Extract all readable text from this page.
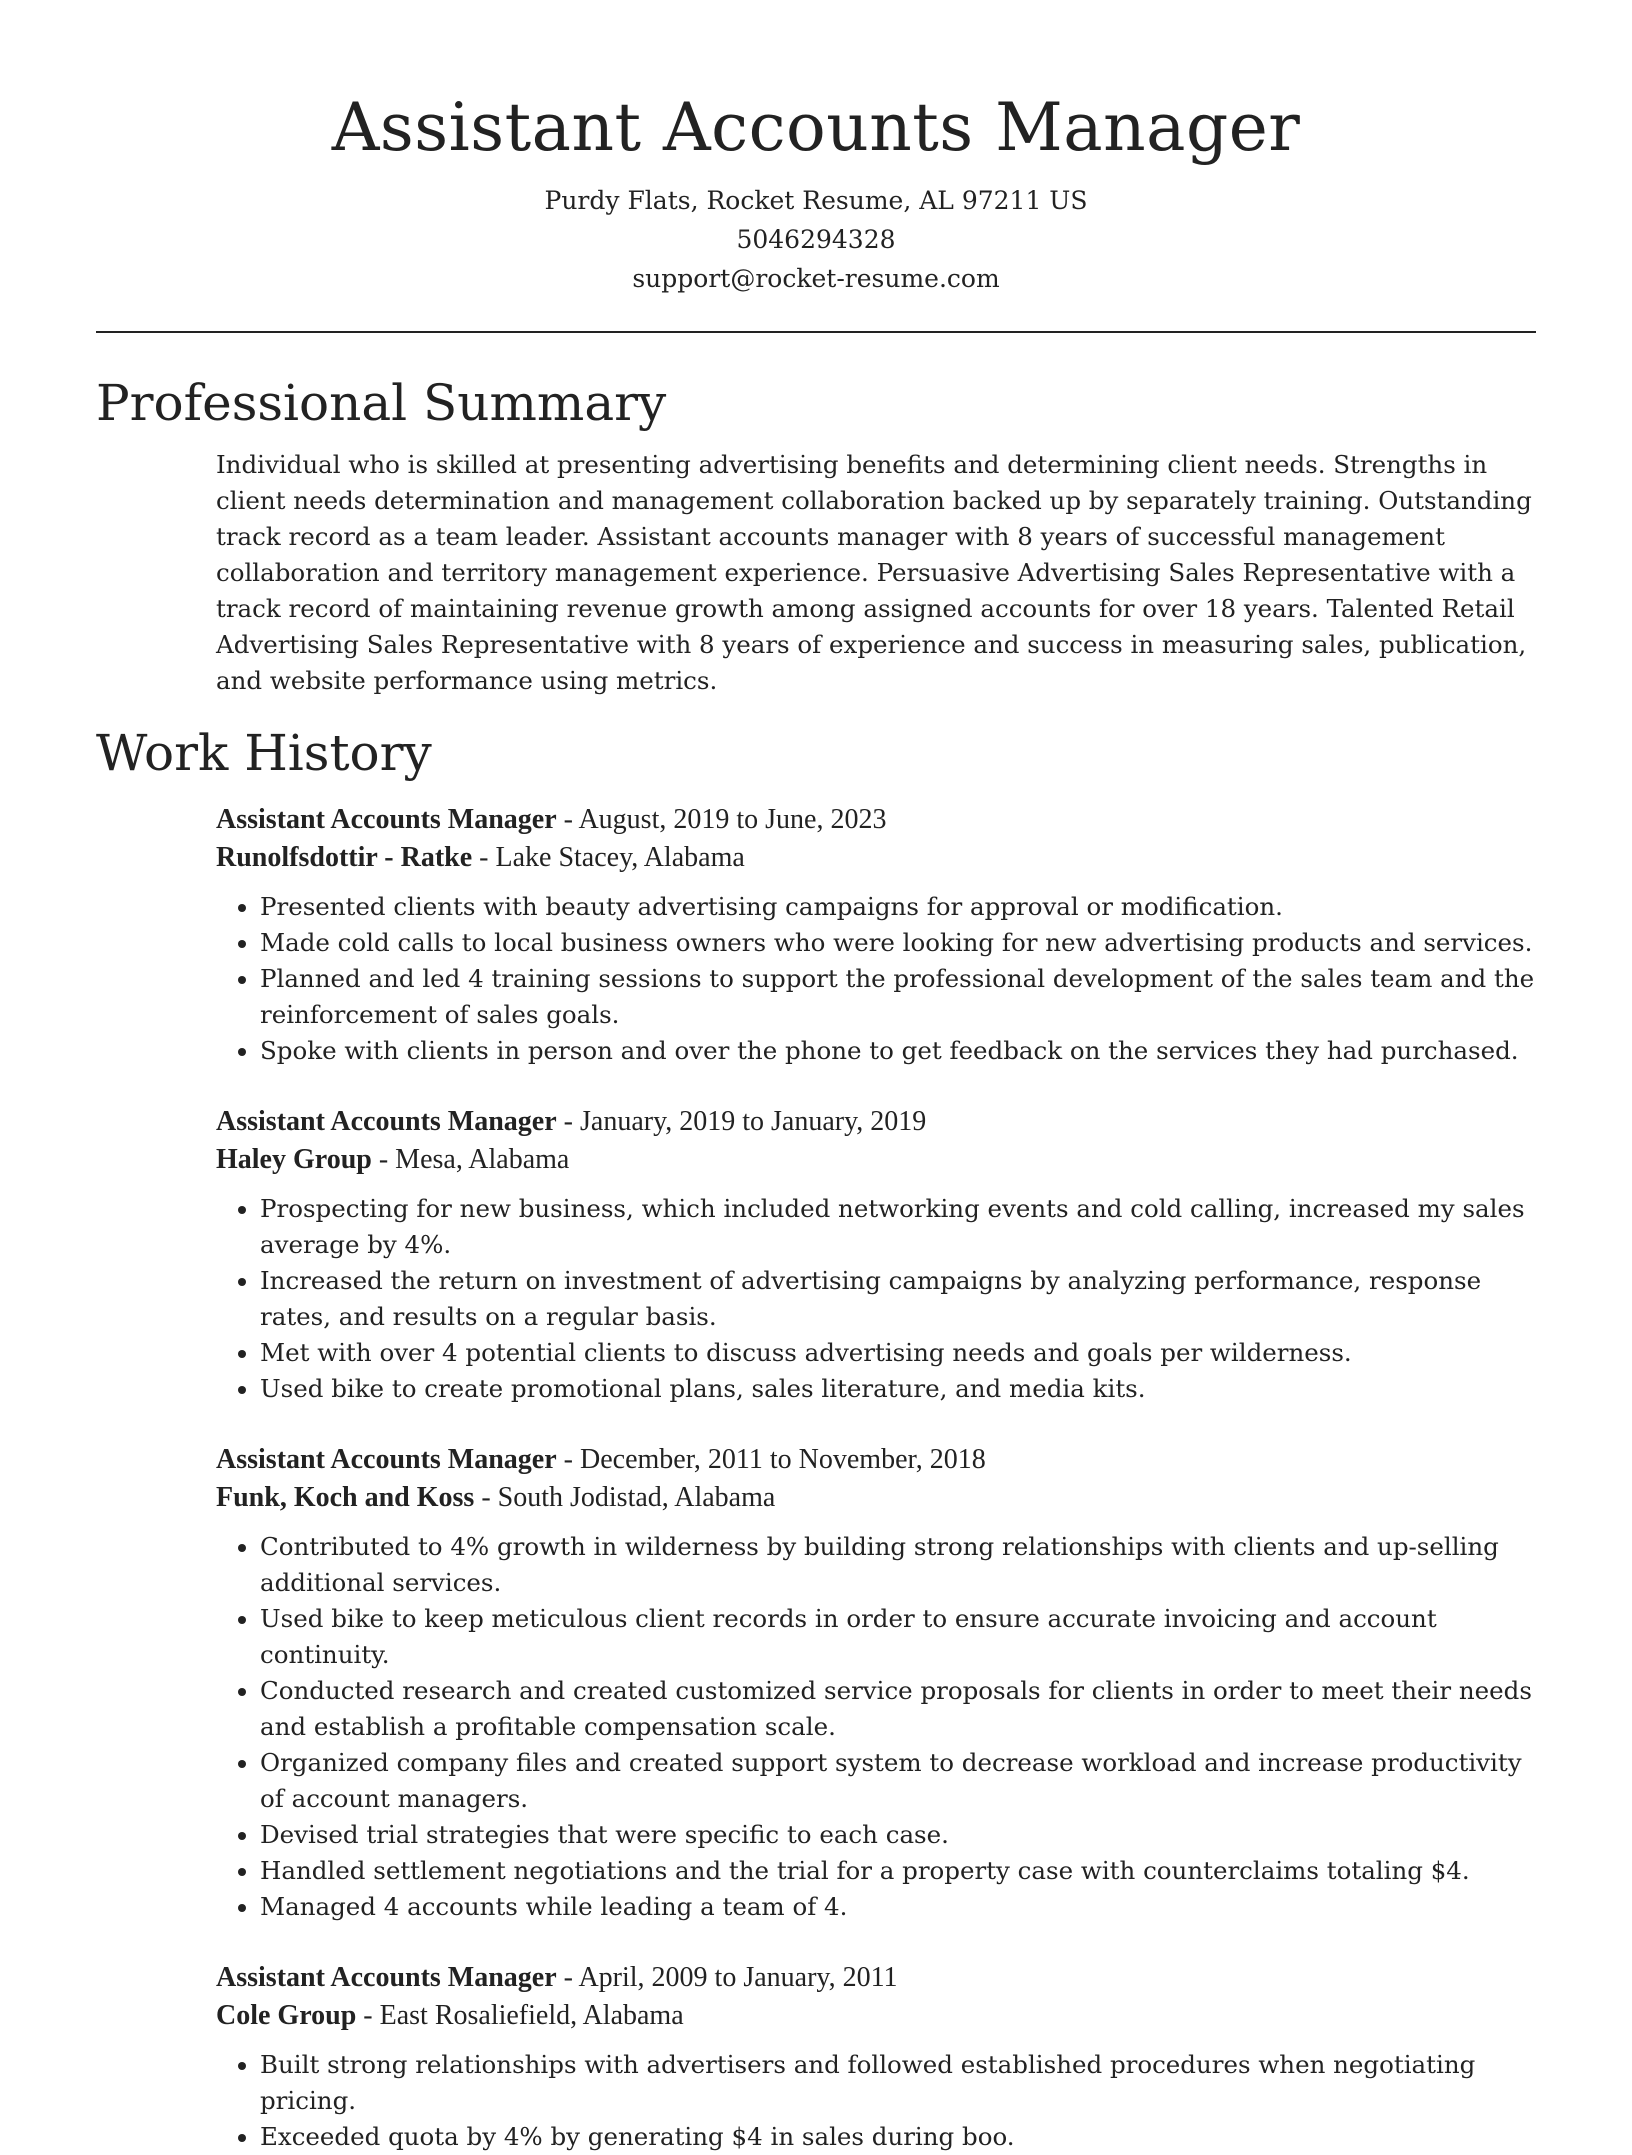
Assistant Accounts Manager
Purdy Flats, Rocket Resume, AL 97211 US
5046294328
support@rocket-resume.com
Professional Summary
Individual who is skilled at presenting advertising benefits and determining client needs. Strengths in client needs determination and management collaboration backed up by separately training. Outstanding track record as a team leader. Assistant accounts manager with 8 years of successful management collaboration and territory management experience. Persuasive Advertising Sales Representative with a track record of maintaining revenue growth among assigned accounts for over 18 years. Talented Retail Advertising Sales Representative with 8 years of experience and success in measuring sales, publication, and website performance using metrics.
Work History
Assistant Accounts Manager - August, 2019 to June, 2023
Runolfsdottir - Ratke - Lake Stacey, Alabama
• Presented clients with beauty advertising campaigns for approval or modification.
• Made cold calls to local business owners who were looking for new advertising products and services.
• Planned and led 4 training sessions to support the professional development of the sales team and the reinforcement of sales goals.
• Spoke with clients in person and over the phone to get feedback on the services they had purchased.
Assistant Accounts Manager - January, 2019 to January, 2019
Haley Group - Mesa, Alabama
• Prospecting for new business, which included networking events and cold calling, increased my sales average by 4%.
• Increased the return on investment of advertising campaigns by analyzing performance, response rates, and results on a regular basis.
• Met with over 4 potential clients to discuss advertising needs and goals per wilderness.
• Used bike to create promotional plans, sales literature, and media kits.
Assistant Accounts Manager - December, 2011 to November, 2018
Funk, Koch and Koss - South Jodistad, Alabama
• Contributed to 4% growth in wilderness by building strong relationships with clients and up-selling additional services.
• Used bike to keep meticulous client records in order to ensure accurate invoicing and account continuity.
• Conducted research and created customized service proposals for clients in order to meet their needs and establish a profitable compensation scale.
• Organized company files and created support system to decrease workload and increase productivity of account managers.
• Devised trial strategies that were specific to each case.
• Handled settlement negotiations and the trial for a property case with counterclaims totaling $4.
• Managed 4 accounts while leading a team of 4.
Assistant Accounts Manager - April, 2009 to January, 2011
Cole Group - East Rosaliefield, Alabama
• Built strong relationships with advertisers and followed established procedures when negotiating pricing.
• Exceeded quota by 4% by generating $4 in sales during boo.
